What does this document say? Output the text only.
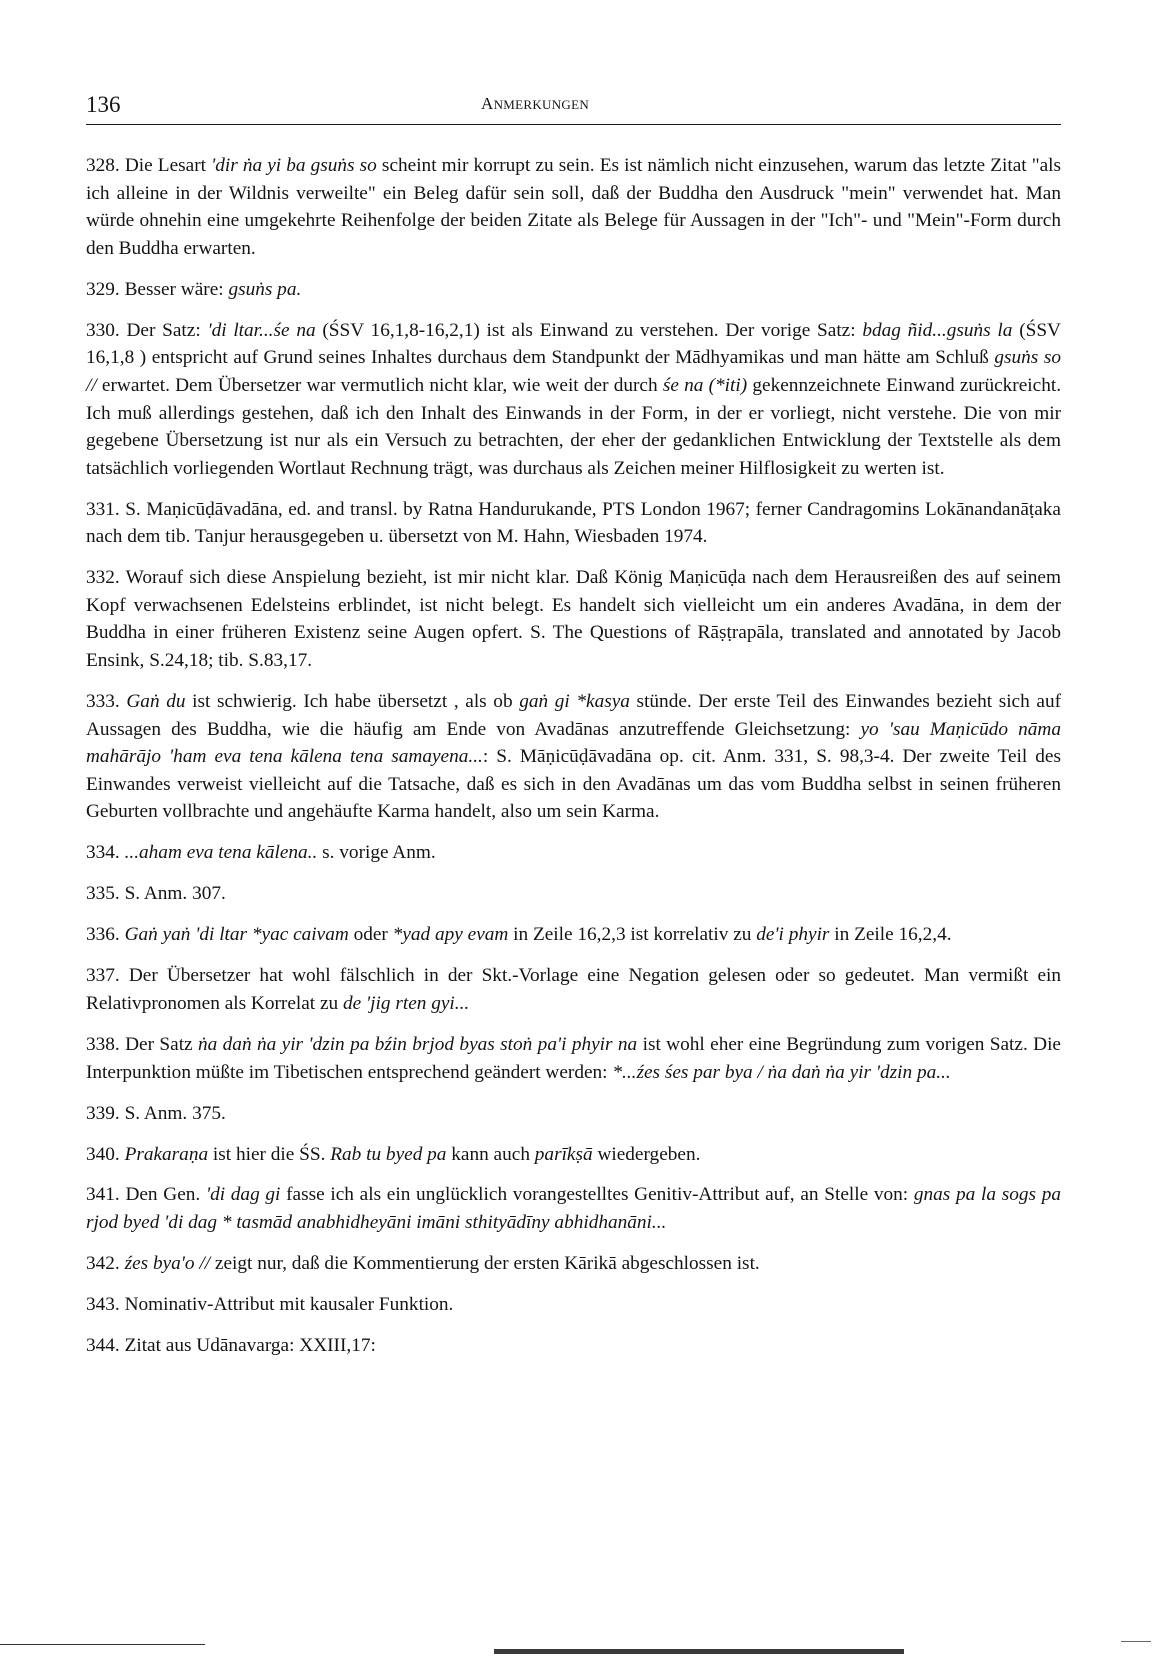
136	ANMERKUNGEN

328. Die Lesart 'dir ṅa yi ba gsuṅs so scheint mir korrupt zu sein. Es ist nämlich nicht einzusehen, warum das letzte Zitat "als ich alleine in der Wildnis verweilte" ein Beleg dafür sein soll, daß der Buddha den Ausdruck "mein" verwendet hat. Man würde ohnehin eine umgekehrte Reihenfolge der beiden Zitate als Belege für Aussagen in der "Ich"- und "Mein"-Form durch den Buddha erwarten.

329. Besser wäre: gsuṅs pa.

330. Der Satz: 'di ltar...śe na (ŚSV 16,1,8-16,2,1) ist als Einwand zu verstehen. Der vorige Satz: bdag ñid...gsuṅs la (ŚSV 16,1,8 ) entspricht auf Grund seines Inhaltes durchaus dem Standpunkt der Mādhyamikas und man hätte am Schluß gsuṅs so // erwartet. Dem Übersetzer war vermutlich nicht klar, wie weit der durch śe na (*iti) gekennzeichnete Einwand zurückreicht. Ich muß allerdings gestehen, daß ich den Inhalt des Einwands in der Form, in der er vorliegt, nicht verstehe. Die von mir gegebene Übersetzung ist nur als ein Versuch zu betrachten, der eher der gedanklichen Entwicklung der Textstelle als dem tatsächlich vorliegenden Wortlaut Rechnung trägt, was durchaus als Zeichen meiner Hilflosigkeit zu werten ist.

331. S. Maṇicūḍāvadāna, ed. and transl. by Ratna Handurukande, PTS London 1967; ferner Candragomins Lokānandanāṭaka nach dem tib. Tanjur herausgegeben u. übersetzt von M. Hahn, Wiesbaden 1974.

332. Worauf sich diese Anspielung bezieht, ist mir nicht klar. Daß König Maṇicūḍa nach dem Herausreißen des auf seinem Kopf verwachsenen Edelsteins erblindet, ist nicht belegt. Es handelt sich vielleicht um ein anderes Avadāna, in dem der Buddha in einer früheren Existenz seine Augen opfert. S. The Questions of Rāṣṭrapāla, translated and annotated by Jacob Ensink, S.24,18; tib. S.83,17.

333. Gaṅ du ist schwierig. Ich habe übersetzt , als ob gaṅ gi *kasya stünde. Der erste Teil des Einwandes bezieht sich auf Aussagen des Buddha, wie die häufig am Ende von Avadānas anzutreffende Gleichsetzung: yo 'sau Maṇicūdo nāma mahārājo 'ham eva tena kālena tena samayena...: S. Māṇicūḍāvadāna op. cit. Anm. 331, S. 98,3-4. Der zweite Teil des Einwandes verweist vielleicht auf die Tatsache, daß es sich in den Avadānas um das vom Buddha selbst in seinen früheren Geburten vollbrachte und angehäufte Karma handelt, also um sein Karma.

334. ...aham eva tena kālena.. s. vorige Anm.

335. S. Anm. 307.

336. Gaṅ yaṅ 'di ltar *yac caivam oder *yad apy evam in Zeile 16,2,3 ist korrelativ zu de'i phyir in Zeile 16,2,4.

337. Der Übersetzer hat wohl fälschlich in der Skt.-Vorlage eine Negation gelesen oder so gedeutet. Man vermißt ein Relativpronomen als Korrelat zu de 'jig rten gyi...

338. Der Satz ṅa daṅ ṅa yir 'dzin pa bźin brjod byas stoṅ pa'i phyir na ist wohl eher eine Begründung zum vorigen Satz. Die Interpunktion müßte im Tibetischen entsprechend geändert werden: *...źes śes par bya / ṅa daṅ ṅa yir 'dzin pa...

339. S. Anm. 375.

340. Prakaraṇa ist hier die ŚS. Rab tu byed pa kann auch parīkṣā wiedergeben.

341. Den Gen. 'di dag gi fasse ich als ein unglücklich vorangestelltes Genitiv-Attribut auf, an Stelle von: gnas pa la sogs pa rjod byed 'di dag * tasmād anabhidheyāni imāni sthityādīny abhidhanāni...

342. źes bya'o // zeigt nur, daß die Kommentierung der ersten Kārikā abgeschlossen ist.

343. Nominativ-Attribut mit kausaler Funktion.

344. Zitat aus Udānavarga: XXIII,17:
